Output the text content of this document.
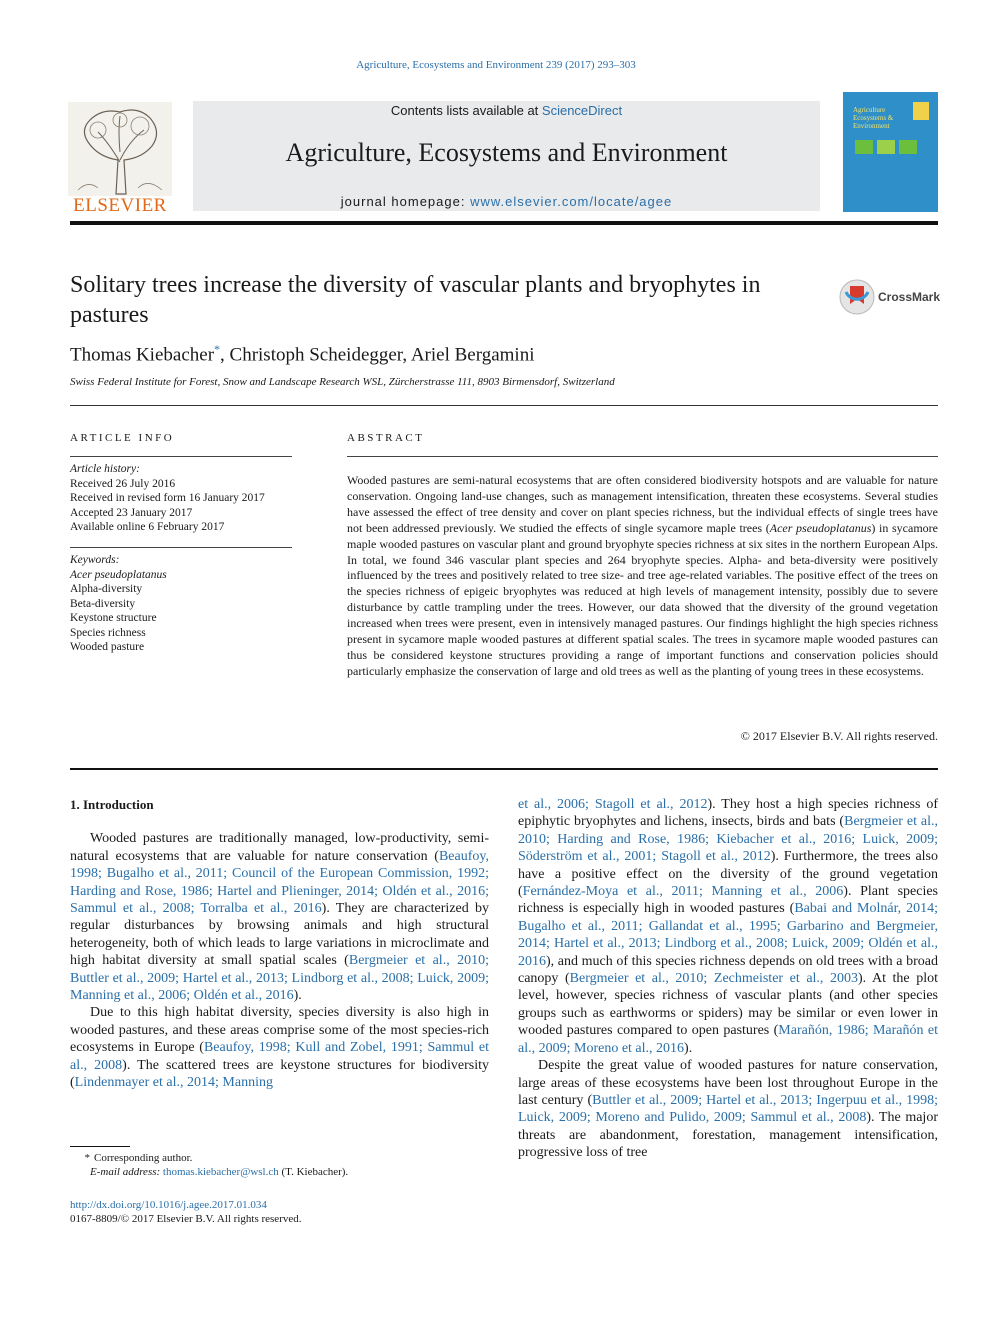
Agriculture, Ecosystems and Environment 239 (2017) 293–303
ELSEVIER
Contents lists available at ScienceDirect
Agriculture, Ecosystems and Environment
journal homepage: www.elsevier.com/locate/agee
Agriculture Ecosystems & Environment
Solitary trees increase the diversity of vascular plants and bryophytes in pastures
CrossMark
Thomas Kiebacher*, Christoph Scheidegger, Ariel Bergamini
Swiss Federal Institute for Forest, Snow and Landscape Research WSL, Zürcherstrasse 111, 8903 Birmensdorf, Switzerland
ARTICLE INFO
Article history:
Received 26 July 2016
Received in revised form 16 January 2017
Accepted 23 January 2017
Available online 6 February 2017
Keywords:
Acer pseudoplatanus
Alpha-diversity
Beta-diversity
Keystone structure
Species richness
Wooded pasture
ABSTRACT
Wooded pastures are semi-natural ecosystems that are often considered biodiversity hotspots and are valuable for nature conservation. Ongoing land-use changes, such as management intensification, threaten these ecosystems. Several studies have assessed the effect of tree density and cover on plant species richness, but the individual effects of single trees have not been addressed previously. We studied the effects of single sycamore maple trees (Acer pseudoplatanus) in sycamore maple wooded pastures on vascular plant and ground bryophyte species richness at six sites in the northern European Alps. In total, we found 346 vascular plant species and 264 bryophyte species. Alpha- and beta-diversity were positively influenced by the trees and positively related to tree size- and tree age-related variables. The positive effect of the trees on the species richness of epigeic bryophytes was reduced at high levels of management intensity, possibly due to severe disturbance by cattle trampling under the trees. However, our data showed that the diversity of the ground vegetation increased when trees were present, even in intensively managed pastures. Our findings highlight the high species richness present in sycamore maple wooded pastures at different spatial scales. The trees in sycamore maple wooded pastures can thus be considered keystone structures providing a range of important functions and conservation policies should particularly emphasize the conservation of large and old trees as well as the planting of young trees in these ecosystems.
© 2017 Elsevier B.V. All rights reserved.
1. Introduction

Wooded pastures are traditionally managed, low-productivity, semi-natural ecosystems that are valuable for nature conservation (Beaufoy, 1998; Bugalho et al., 2011; Council of the European Commission, 1992; Harding and Rose, 1986; Hartel and Plieninger, 2014; Oldén et al., 2016; Sammul et al., 2008; Torralba et al., 2016). They are characterized by regular disturbances by browsing animals and high structural heterogeneity, both of which leads to large variations in microclimate and high habitat diversity at small spatial scales (Bergmeier et al., 2010; Buttler et al., 2009; Hartel et al., 2013; Lindborg et al., 2008; Luick, 2009; Manning et al., 2006; Oldén et al., 2016).

Due to this high habitat diversity, species diversity is also high in wooded pastures, and these areas comprise some of the most species-rich ecosystems in Europe (Beaufoy, 1998; Kull and Zobel, 1991; Sammul et al., 2008). The scattered trees are keystone structures for biodiversity (Lindenmayer et al., 2014; Manning

et al., 2006; Stagoll et al., 2012). They host a high species richness of epiphytic bryophytes and lichens, insects, birds and bats (Bergmeier et al., 2010; Harding and Rose, 1986; Kiebacher et al., 2016; Luick, 2009; Söderström et al., 2001; Stagoll et al., 2012). Furthermore, the trees also have a positive effect on the diversity of the ground vegetation (Fernández-Moya et al., 2011; Manning et al., 2006). Plant species richness is especially high in wooded pastures (Babai and Molnár, 2014; Bugalho et al., 2011; Gallandat et al., 1995; Garbarino and Bergmeier, 2014; Hartel et al., 2013; Lindborg et al., 2008; Luick, 2009; Oldén et al., 2016), and much of this species richness depends on old trees with a broad canopy (Bergmeier et al., 2010; Zechmeister et al., 2003). At the plot level, however, species richness of vascular plants (and other species groups such as earthworms or spiders) may be similar or even lower in wooded pastures compared to open pastures (Marañón, 1986; Marañón et al., 2009; Moreno et al., 2016).

Despite the great value of wooded pastures for nature conservation, large areas of these ecosystems have been lost throughout Europe in the last century (Buttler et al., 2009; Hartel et al., 2013; Ingerpuu et al., 1998; Luick, 2009; Moreno and Pulido, 2009; Sammul et al., 2008). The major threats are abandonment, forestation, management intensification, progressive loss of tree

* Corresponding author.
E-mail address: thomas.kiebacher@wsl.ch (T. Kiebacher).
http://dx.doi.org/10.1016/j.agee.2017.01.034
0167-8809/© 2017 Elsevier B.V. All rights reserved.
